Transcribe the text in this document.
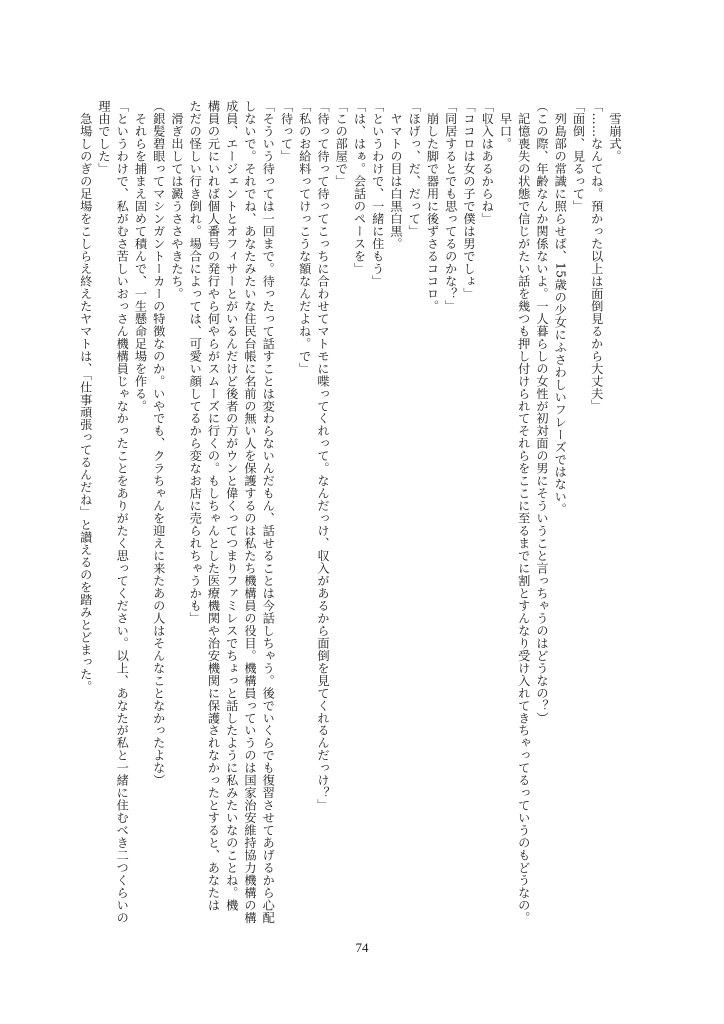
　雪崩式。

「……なんてね。預かった以上は面倒見るから大丈夫」

「面倒、見るって」

　列島部の常識に照らせば、15歳の少女にふさわしいフレーズではない。

（この際、年齢なんか関係ないよ。一人暮らしの女性が初対面の男にそういうこと言っちゃうのはどうなの？）

　記憶喪失の状態で信じがたい話を幾つも押し付けられてそれらをここに至るまでに割とすんなり受け入れてきちゃってるっていうのもどうなの。

　早口。

「収入はあるからね」

「ココロは女の子で僕は男でしょ」

「同居するとでも思ってるのかな？」

　崩した脚で器用に後ずさるココロ。

「ほげっ、だ、だって」

　ヤマトの目は白黒白黒。

「というわけで、一緒に住もう」

「は、はぁ。会話のペースを」

「この部屋で」

「待って待って待ってこっちに合わせてマトモに喋ってくれって。なんだっけ、収入があるから面倒を見てくれるんだっけ？」

「私のお給料ってけっこうな額なんだよね。で」

「待って」

「そういう待っては一回まで。待ったって話すことは変わらないんだもん、話せることは今話しちゃう。後でいくらでも復習させてあげるから心配

しないで。それでね、あなたみたいな住民台帳に名前の無い人を保護するのは私たち機構員の役目。機構員っていうのは国家治安維持協力機構の構

成員、エージェントとオフィサーとがいるんだけど後者の方がウンと偉くってつまりファミレスでちょっと話したように私みたいなのことね。機

構員の元にいれば個人番号の発行やら何やらがスムーズに行くの。もしちゃんとした医療機関や治安機関に保護されなかったとすると、あなたは

ただの怪しい行き倒れ。場合によっては、可愛い顔してるから変なお店に売られちゃうかも」

　滑ぎ出しては澱うささやきたち。

（銀髪碧眼ってマシンガントーカーの特徴なのか。いやでも、クラちゃんを迎えに来たあの人はそんなことなかったよな）

　それらを捕まえ固めて積んで、一生懸命足場を作る。

「というわけで、私がむさ苦しいおっさん機構員じゃなかったことをありがたく思ってください。以上、あなたが私と一緒に住むべき二つくらいの

理由でした」

　急場しのぎの足場をこしらえ終えたヤマトは、「仕事頑張ってるんだね」と讃えるのを踏みとどまった。

74
